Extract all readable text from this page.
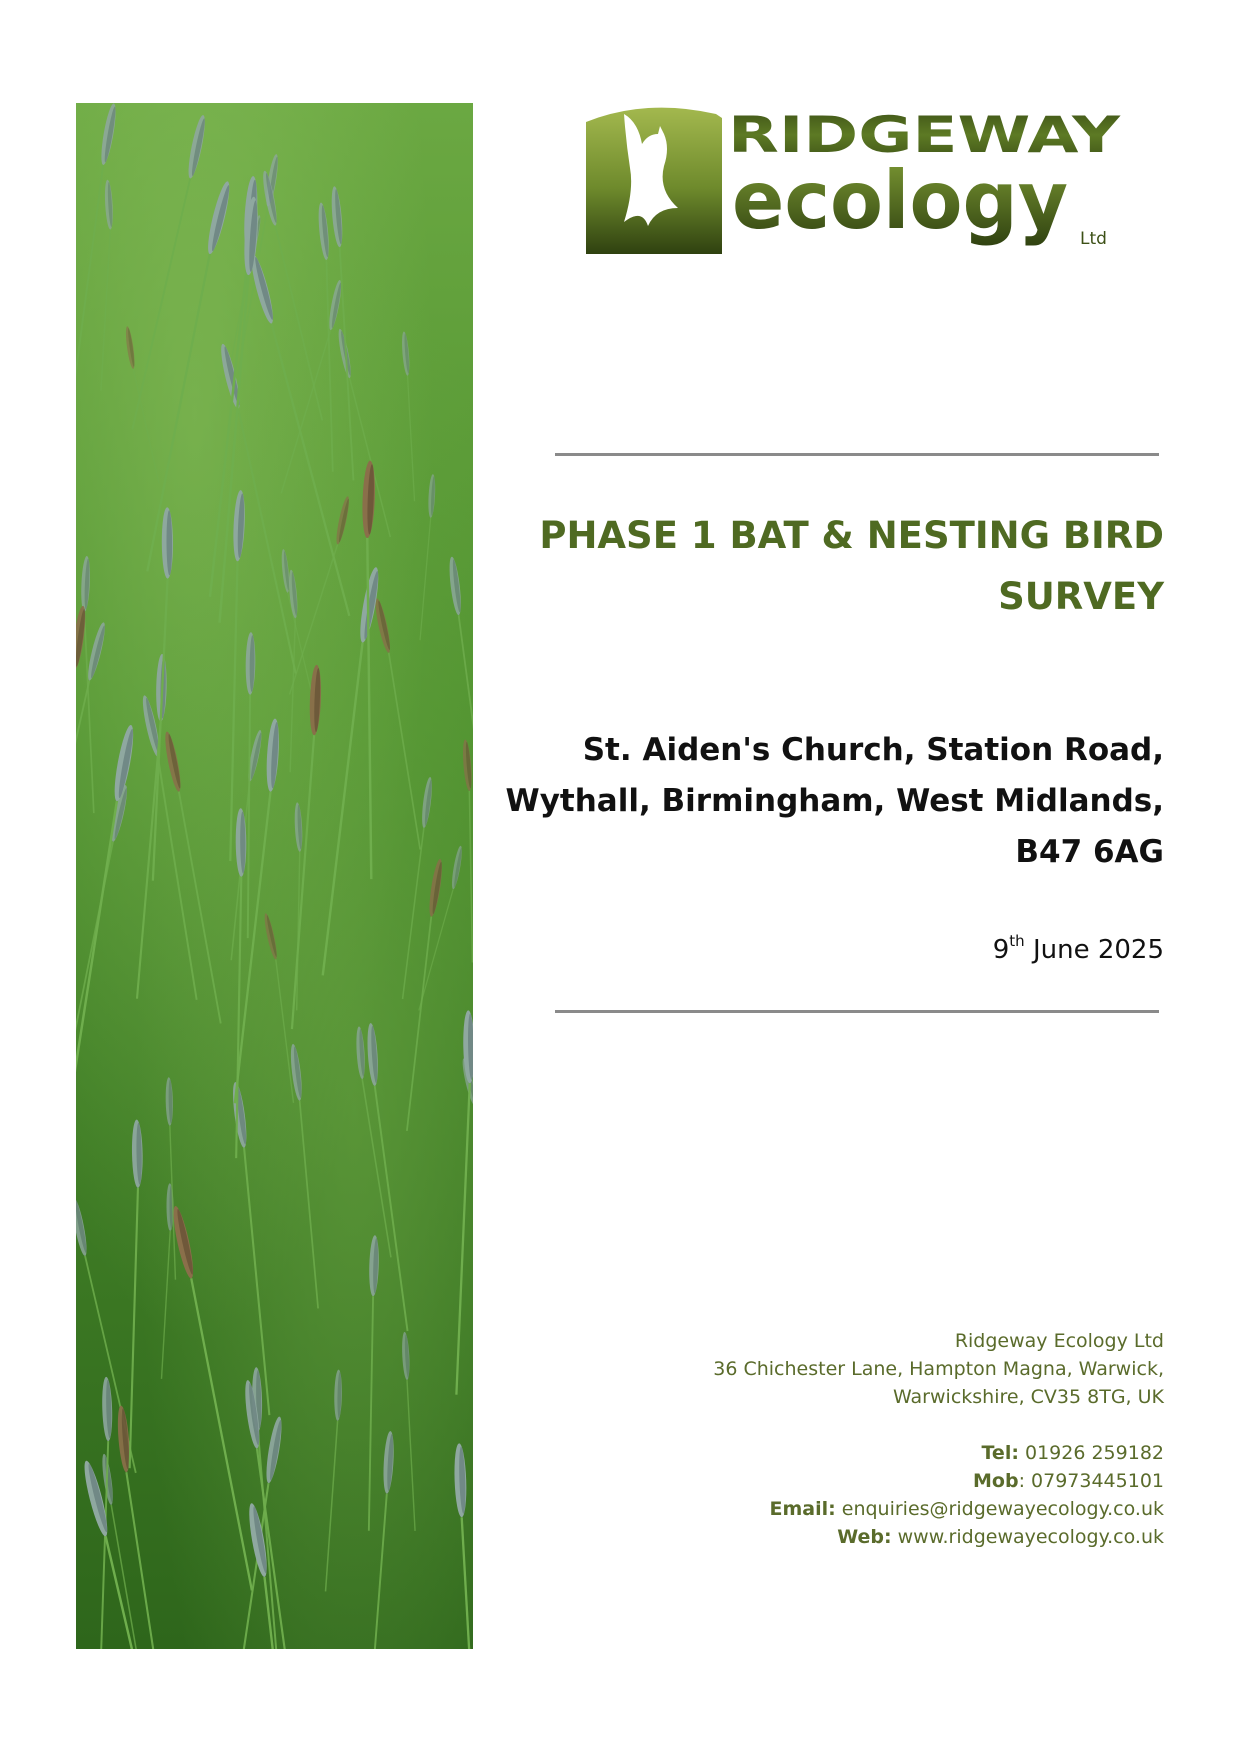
RIDGEWAY
ecology Ltd
PHASE 1 BAT & NESTING BIRD
SURVEY
St. Aiden's Church, Station Road,
Wythall, Birmingham, West Midlands,
B47 6AG
9th June 2025
Ridgeway Ecology Ltd
36 Chichester Lane, Hampton Magna, Warwick,
Warwickshire, CV35 8TG, UK
Tel: 01926 259182
Mob: 07973445101
Email: enquiries@ridgewayecology.co.uk
Web: www.ridgewayecology.co.uk
